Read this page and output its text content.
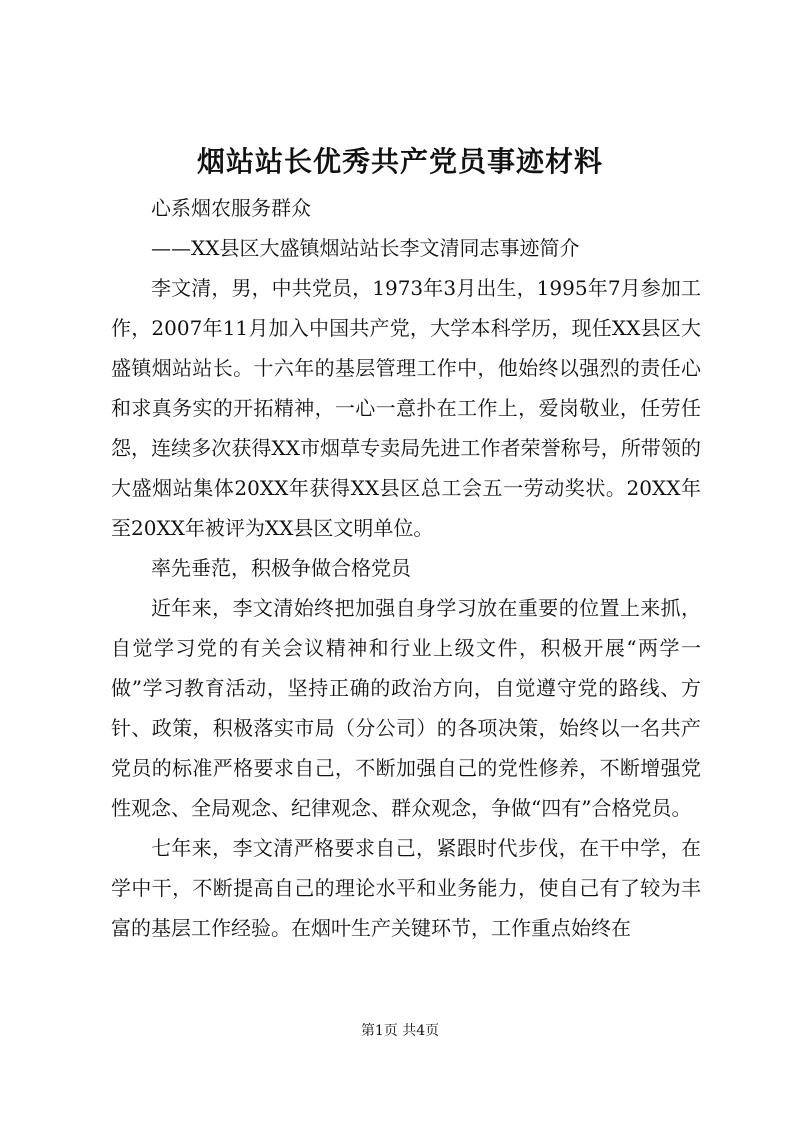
烟站站长优秀共产党员事迹材料

心系烟农服务群众

——XX县区大盛镇烟站站长李文清同志事迹简介

李文清，男，中共党员，1973年3月出生，1995年7月参加工作，2007年11月加入中国共产党，大学本科学历，现任XX县区大盛镇烟站站长。十六年的基层管理工作中，他始终以强烈的责任心和求真务实的开拓精神，一心一意扑在工作上，爱岗敬业，任劳任怨，连续多次获得XX市烟草专卖局先进工作者荣誉称号，所带领的大盛烟站集体20XX年获得XX县区总工会五一劳动奖状。20XX年至20XX年被评为XX县区文明单位。

率先垂范，积极争做合格党员

近年来，李文清始终把加强自身学习放在重要的位置上来抓，自觉学习党的有关会议精神和行业上级文件，积极开展“两学一做”学习教育活动，坚持正确的政治方向，自觉遵守党的路线、方针、政策，积极落实市局（分公司）的各项决策，始终以一名共产党员的标准严格要求自己，不断加强自己的党性修养，不断增强党性观念、全局观念、纪律观念、群众观念，争做“四有”合格党员。

七年来，李文清严格要求自己，紧跟时代步伐，在干中学，在学中干，不断提高自己的理论水平和业务能力，使自己有了较为丰富的基层工作经验。在烟叶生产关键环节，工作重点始终在

第1页 共4页
